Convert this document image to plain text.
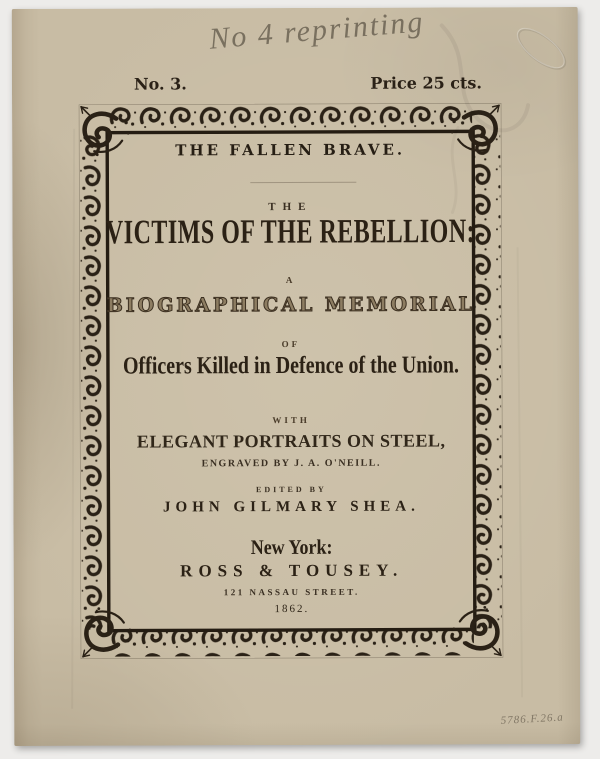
No 4 reprinting
No. 3.	Price 25 cts.
THE FALLEN BRAVE.
THE
VICTIMS OF THE REBELLION:
A
BIOGRAPHICAL MEMORIAL
OF
Officers Killed in Defence of the Union.
WITH
ELEGANT PORTRAITS ON STEEL,
ENGRAVED BY J. A. O'NEILL.
EDITED BY
JOHN GILMARY SHEA.
New York:
ROSS & TOUSEY.
121 NASSAU STREET.
1862.
5786.F.26.a
